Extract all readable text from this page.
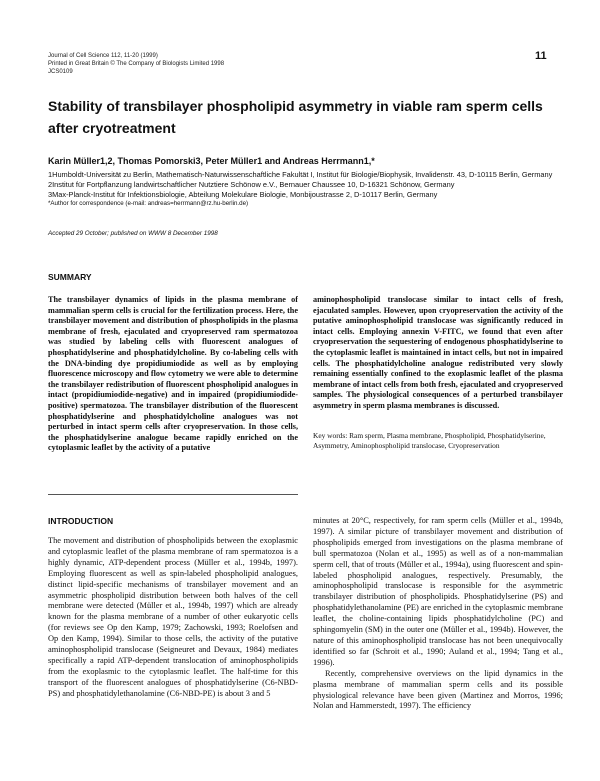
Journal of Cell Science 112, 11-20 (1999)
Printed in Great Britain © The Company of Biologists Limited 1998
JCS0109
11
Stability of transbilayer phospholipid asymmetry in viable ram sperm cells
after cryotreatment
Karin Müller1,2, Thomas Pomorski3, Peter Müller1 and Andreas Herrmann1,*
1Humboldt-Universität zu Berlin, Mathematisch-Naturwissenschaftliche Fakultät I, Institut für Biologie/Biophysik, Invalidenstr. 43, D-10115 Berlin, Germany
2Institut für Fortpflanzung landwirtschaftlicher Nutztiere Schönow e.V., Bernauer Chaussee 10, D-16321 Schönow, Germany
3Max-Planck-Institut für Infektionsbiologie, Abteilung Molekulare Biologie, Monbijoustrasse 2, D-10117 Berlin, Germany
*Author for correspondence (e-mail: andreas=herrmann@rz.hu-berlin.de)
Accepted 29 October; published on WWW 8 December 1998
SUMMARY
The transbilayer dynamics of lipids in the plasma membrane of mammalian sperm cells is crucial for the fertilization process. Here, the transbilayer movement and distribution of phospholipids in the plasma membrane of fresh, ejaculated and cryopreserved ram spermatozoa was studied by labeling cells with fluorescent analogues of phosphatidylserine and phosphatidylcholine. By co-labeling cells with the DNA-binding dye propidiumiodide as well as by employing fluorescence microscopy and flow cytometry we were able to determine the transbilayer redistribution of fluorescent phospholipid analogues in intact (propidiumiodide-negative) and in impaired (propidiumiodide-positive) spermatozoa. The transbilayer distribution of the fluorescent phosphatidylserine and phosphatidylcholine analogues was not perturbed in intact sperm cells after cryopreservation. In those cells, the phosphatidylserine analogue became rapidly enriched on the cytoplasmic leaflet by the activity of a putative
aminophospholipid translocase similar to intact cells of fresh, ejaculated samples. However, upon cryopreservation the activity of the putative aminophospholipid translocase was significantly reduced in intact cells. Employing annexin V-FITC, we found that even after cryopreservation the sequestering of endogenous phosphatidylserine to the cytoplasmic leaflet is maintained in intact cells, but not in impaired cells. The phosphatidylcholine analogue redistributed very slowly remaining essentially confined to the exoplasmic leaflet of the plasma membrane of intact cells from both fresh, ejaculated and cryopreserved samples. The physiological consequences of a perturbed transbilayer asymmetry in sperm plasma membranes is discussed.
Key words: Ram sperm, Plasma membrane, Phospholipid, Phosphatidylserine, Asymmetry, Aminophospholipid translocase, Cryopreservation
INTRODUCTION

The movement and distribution of phospholipids between the exoplasmic and cytoplasmic leaflet of the plasma membrane of ram spermatozoa is a highly dynamic, ATP-dependent process (Müller et al., 1994b, 1997). Employing fluorescent as well as spin-labeled phospholipid analogues, distinct lipid-specific mechanisms of transbilayer movement and an asymmetric phospholipid distribution between both halves of the cell membrane were detected (Müller et al., 1994b, 1997) which are already known for the plasma membrane of a number of other eukaryotic cells (for reviews see Op den Kamp, 1979; Zachowski, 1993; Roelofsen and Op den Kamp, 1994). Similar to those cells, the activity of the putative aminophospholipid translocase (Seigneuret and Devaux, 1984) mediates specifically a rapid ATP-dependent translocation of aminophospholipids from the exoplasmic to the cytoplasmic leaflet. The half-time for this transport of the fluorescent analogues of phosphatidylserine (C6-NBD-PS) and phosphatidylethanolamine (C6-NBD-PE) is about 3 and 5

minutes at 20°C, respectively, for ram sperm cells (Müller et al., 1994b, 1997). A similar picture of transbilayer movement and distribution of phospholipids emerged from investigations on the plasma membrane of bull spermatozoa (Nolan et al., 1995) as well as of a non-mammalian sperm cell, that of trouts (Müller et al., 1994a), using fluorescent and spin-labeled phospholipid analogues, respectively. Presumably, the aminophospholipid translocase is responsible for the asymmetric transbilayer distribution of phospholipids. Phosphatidylserine (PS) and phosphatidylethanolamine (PE) are enriched in the cytoplasmic membrane leaflet, the choline-containing lipids phosphatidylcholine (PC) and sphingomyelin (SM) in the outer one (Müller et al., 1994b). However, the nature of this aminophospholipid translocase has not been unequivocally identified so far (Schroit et al., 1990; Auland et al., 1994; Tang et al., 1996).

Recently, comprehensive overviews on the lipid dynamics in the plasma membrane of mammalian sperm cells and its possible physiological relevance have been given (Martinez and Morros, 1996; Nolan and Hammerstedt, 1997). The efficiency
